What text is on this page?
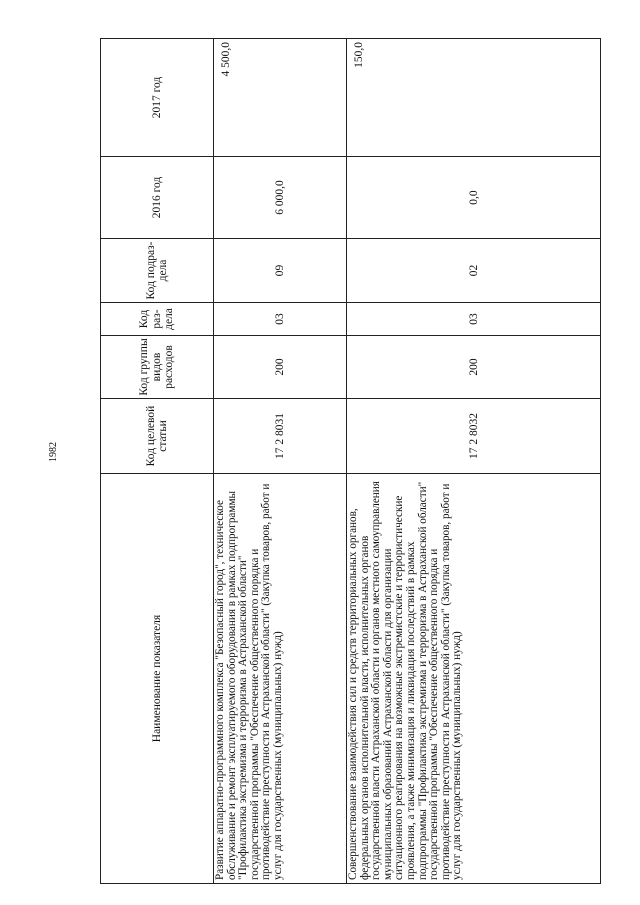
1982
Наименование показателя	Код целевой статьи	Код группы видов расходов	Код раз- дела	Код подраз- дела	2016 год	2017 год
Развитие аппаратно-программного комплекса "Безопасный город", техническое обслуживание и ремонт эксплуатируемого оборудования в рамках подпрограммы "Профилактика экстремизма и терроризма в Астраханской области" государственной программы "Обеспечение общественного порядка и противодействие преступности в Астраханской области" (Закупка товаров, работ и услуг для государственных (муниципальных) нужд)	17 2 8031	200	03	09	6 000,0	4 500,0
Совершенствование взаимодействия сил и средств территориальных органов, федеральных органов исполнительной власти, исполнительных органов государственной власти Астраханской области и органов местного самоуправления муниципальных образований Астраханской области для организации ситуационного реагирования на возможные экстремистские и террористические проявления, а также минимизация и ликвидация последствий в рамках подпрограммы "Профилактика экстремизма и терроризма в Астраханской области" государственной программы "Обеспечение общественного порядка и противодействие преступности в Астраханской области" (Закупка товаров, работ и услуг для государственных (муниципальных) нужд)	17 2 8032	200	03	02	0,0	150,0
